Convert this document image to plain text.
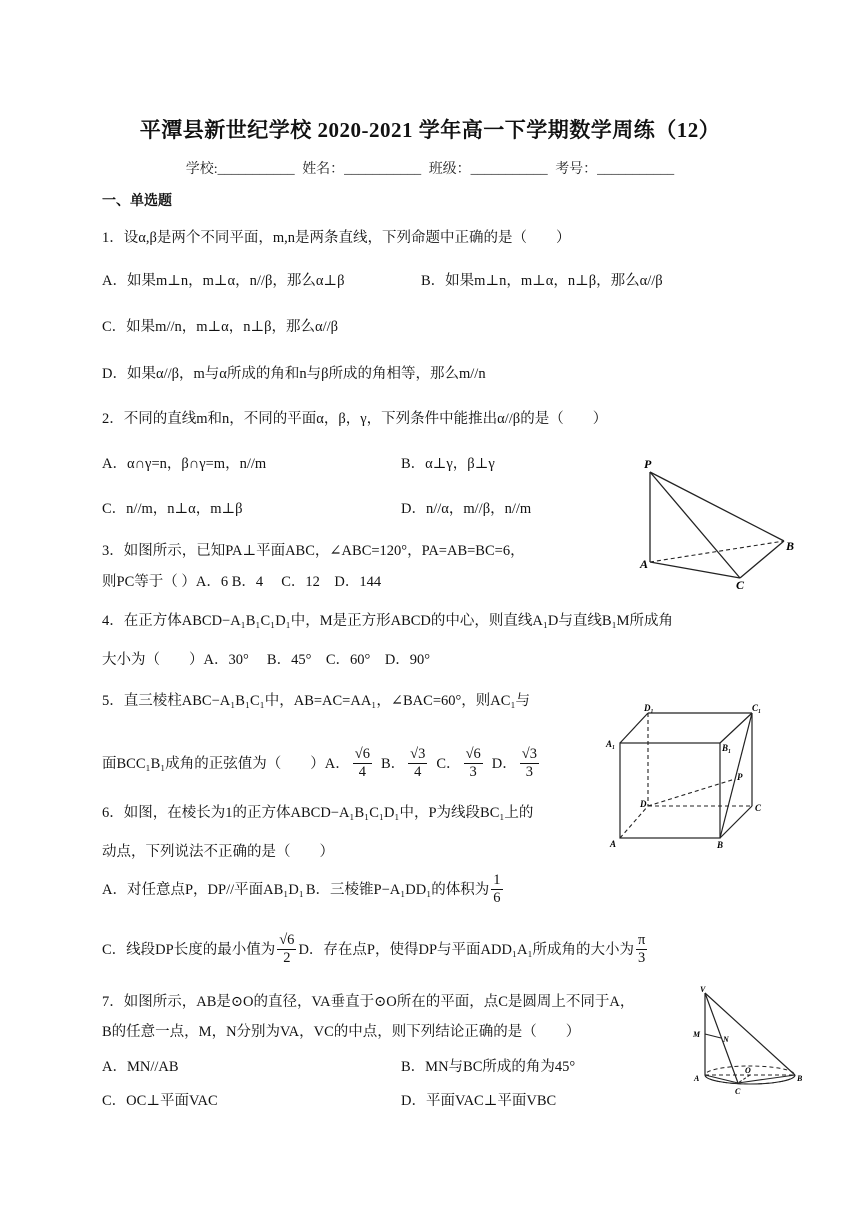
平潭县新世纪学校 2020-2021 学年高一下学期数学周练（12）
学校:___________ 姓名：___________ 班级：___________ 考号：___________
一、单选题
1．设α,β是两个不同平面，m,n是两条直线，下列命题中正确的是（　　）
A．如果m⊥n，m⊥α，n//β，那么α⊥β	B．如果m⊥n，m⊥α，n⊥β，那么α//β
C．如果m//n，m⊥α，n⊥β，那么α//β
D．如果α//β，m与α所成的角和n与β所成的角相等，那么m//n
2．不同的直线m和n，不同的平面α，β，γ，下列条件中能推出α//β的是（　　）
A．α∩γ=n，β∩γ=m，n//m	B．α⊥γ，β⊥γ
C．n//m，n⊥α，m⊥β	D．n//α，m//β，n//m
3．如图所示，已知PA⊥平面ABC，∠ABC=120°，PA=AB=BC=6，
则PC等于（ ）A．6 B．4　 C．12　D．144
P
A
B
C
4．在正方体ABCD−A₁B₁C₁D₁中，M是正方形ABCD的中心，则直线A₁D与直线B₁M所成角
大小为（　　）A．30°　 B．45°　C．60°　D．90°
5．直三棱柱ABC−A₁B₁C₁中，AB=AC=AA₁，∠BAC=60°，则AC₁与
面BCC₁B₁成角的正弦值为（　　）A． $\frac{√6}{4}$ B． $\frac{√3}{4}$ C． $\frac{√6}{3}$ D． $\frac{√3}{3}$
D₁	C₁
A₁	B₁
P
D	C
A	B
6．如图，在棱长为1的正方体ABCD−A₁B₁C₁D₁中，P为线段BC₁上的
动点，下列说法不正确的是（　　）
A．对任意点P，DP//平面AB₁D₁ B．三棱锥P−A₁DD₁的体积为 $\frac{1}{6}$
C．线段DP长度的最小值为 $\frac{√6}{2}$ D．存在点P，使得DP与平面ADD₁A₁所成角的大小为 $\frac{\pi}{3}$
7．如图所示，AB是⊙O的直径，VA垂直于⊙O所在的平面，点C是圆周上不同于A，
B的任意一点，M，N分别为VA，VC的中点，则下列结论正确的是（　　）
A．MN//AB	B．MN与BC所成的角为45°
C．OC⊥平面VAC	D．平面VAC⊥平面VBC
V
M
N
A
O
B
C
